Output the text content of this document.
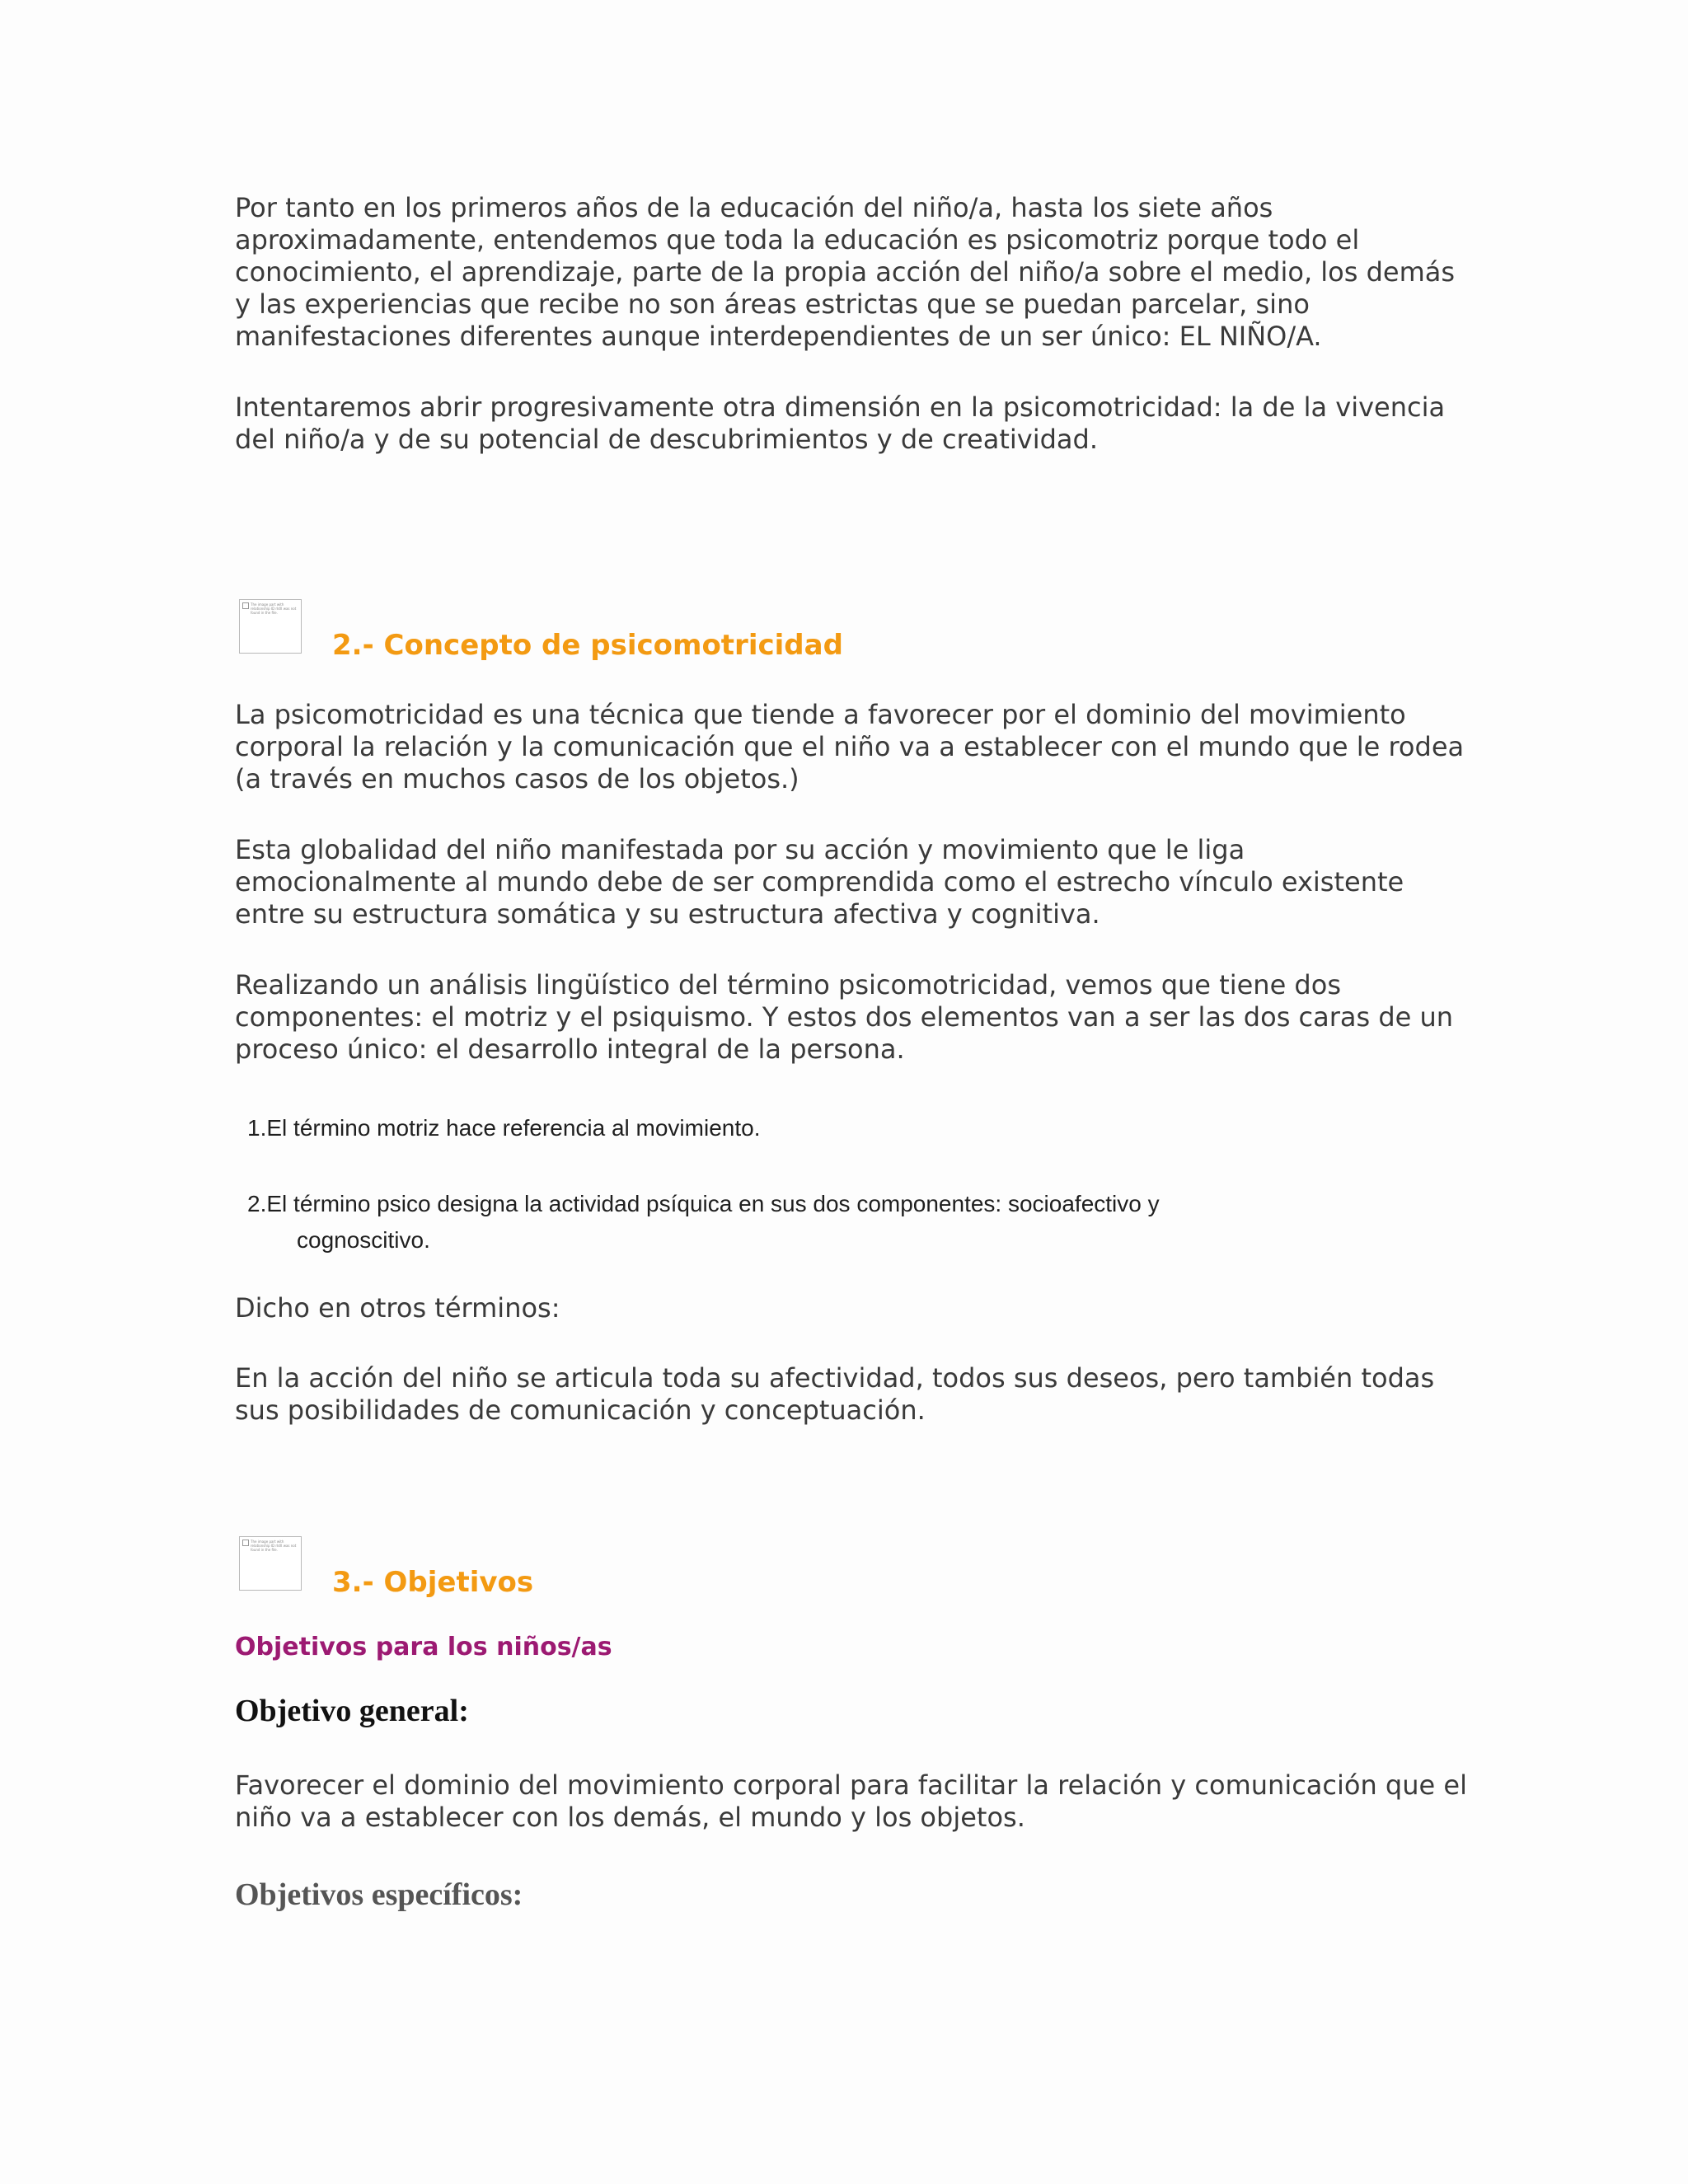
Por tanto en los primeros años de la educación del niño/a, hasta los siete años aproximadamente, entendemos que toda la educación es psicomotriz porque todo el conocimiento, el aprendizaje, parte de la propia acción del niño/a sobre el medio, los demás y las experiencias que recibe no son áreas estrictas que se puedan parcelar, sino manifestaciones diferentes aunque interdependientes de un ser único: EL NIÑO/A.

Intentaremos abrir progresivamente otra dimensión en la psicomotricidad: la de la vivencia del niño/a y de su potencial de descubrimientos y de creatividad.

The image part with relationship ID rIdX was not found in the file.
2.- Concepto de psicomotricidad

La psicomotricidad es una técnica que tiende a favorecer por el dominio del movimiento corporal la relación y la comunicación que el niño va a establecer con el mundo que le rodea (a través en muchos casos de los objetos.)

Esta globalidad del niño manifestada por su acción y movimiento que le liga emocionalmente al mundo debe de ser comprendida como el estrecho vínculo existente entre su estructura somática y su estructura afectiva y cognitiva.

Realizando un análisis lingüístico del término psicomotricidad, vemos que tiene dos componentes: el motriz y el psiquismo. Y estos dos elementos van a ser las dos caras de un proceso único: el desarrollo integral de la persona.

1.El término motriz hace referencia al movimiento.
2.El término psico designa la actividad psíquica en sus dos componentes: socioafectivo y
cognoscitivo.

Dicho en otros términos:

En la acción del niño se articula toda su afectividad, todos sus deseos, pero también todas sus posibilidades de comunicación y conceptuación.

The image part with relationship ID rIdX was not found in the file.
3.- Objetivos
Objetivos para los niños/as
Objetivo general:

Favorecer el dominio del movimiento corporal para facilitar la relación y comunicación que el niño va a establecer con los demás, el mundo y los objetos.

Objetivos específicos:
